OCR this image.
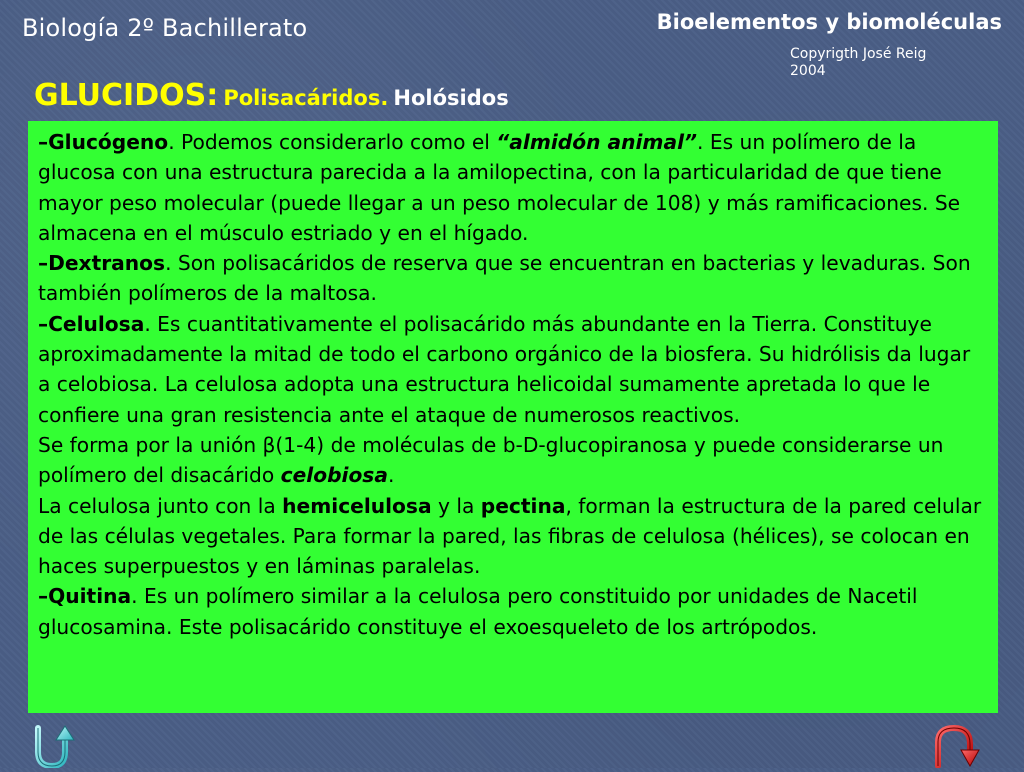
Biología 2º Bachillerato	Bioelementos y biomoléculas
Copyrigth José Reig
2004
GLUCIDOS: Polisacáridos. Holósidos

–Glucógeno. Podemos considerarlo como el “almidón animal”. Es un polímero de la glucosa con una estructura parecida a la amilopectina, con la particularidad de que tiene mayor peso molecular (puede llegar a un peso molecular de 108) y más ramificaciones. Se almacena en el músculo estriado y en el hígado.

–Dextranos. Son polisacáridos de reserva que se encuentran en bacterias y levaduras. Son también polímeros de la maltosa.

–Celulosa. Es cuantitativamente el polisacárido más abundante en la Tierra. Constituye aproximadamente la mitad de todo el carbono orgánico de la biosfera. Su hidrólisis da lugar a celobiosa. La celulosa adopta una estructura helicoidal sumamente apretada lo que le confiere una gran resistencia ante el ataque de numerosos reactivos.

Se forma por la unión β(1-4) de moléculas de b-D-glucopiranosa y puede considerarse un polímero del disacárido celobiosa.

La celulosa junto con la hemicelulosa y la pectina, forman la estructura de la pared celular de las células vegetales. Para formar la pared, las fibras de celulosa (hélices), se colocan en haces superpuestos y en láminas paralelas.

–Quitina. Es un polímero similar a la celulosa pero constituido por unidades de Nacetil glucosamina. Este polisacárido constituye el exoesqueleto de los artrópodos.
